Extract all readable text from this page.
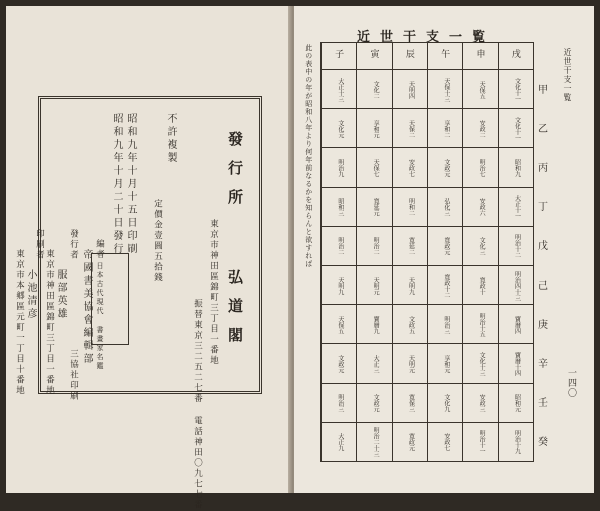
發行所
弘道閣
東京市神田區錦町三丁目一番地
振替東京三二五二七番 電話神田〇九七七番
不許複製
定價金壹圓五拾錢
昭和九年十月十五日印刷
昭和九年十月二十日發行
編者
帝國書美協會編輯部
發行者
服部英雄
東京市神田區錦町三丁目一番地
印刷者
小池清彦
東京市本郷區元町一丁目十番地	三協社印刷
日本古代現代 書畫家名鑑
近世干支一覧
一四〇
近世干支一覧
此の表中の年が昭和八年より何年前なるかを知らんと欲すれば	戌
文化十一
文化十一
昭和九
大正十一
明治十二
明治四十三
寶暦四
寶暦十四
昭和元
明治十九
申
天保五
安政二
明治七
安政六
文化三
寛政十
明治十五
文化十三
安政三
明治十一
午
天保十三
享和二
文政元
弘化三
寛政元
寛政十二
明治三
享和元
文化九
安政七
辰
天明四
天保二
安政七
明和二
寛延二
天明九
文政五
天明元
寛保三
寛政元
寅
文化二
享和元
天保七
寛延元
明治二
天明元
寶暦九
大正三
文政元
明治二十三
子
大正十三
文化元
明治九
昭和三
明治二
天明九
天保五
文政元
明治三
大正九
甲
乙
丙
丁
戊
己
庚
辛
壬
癸
